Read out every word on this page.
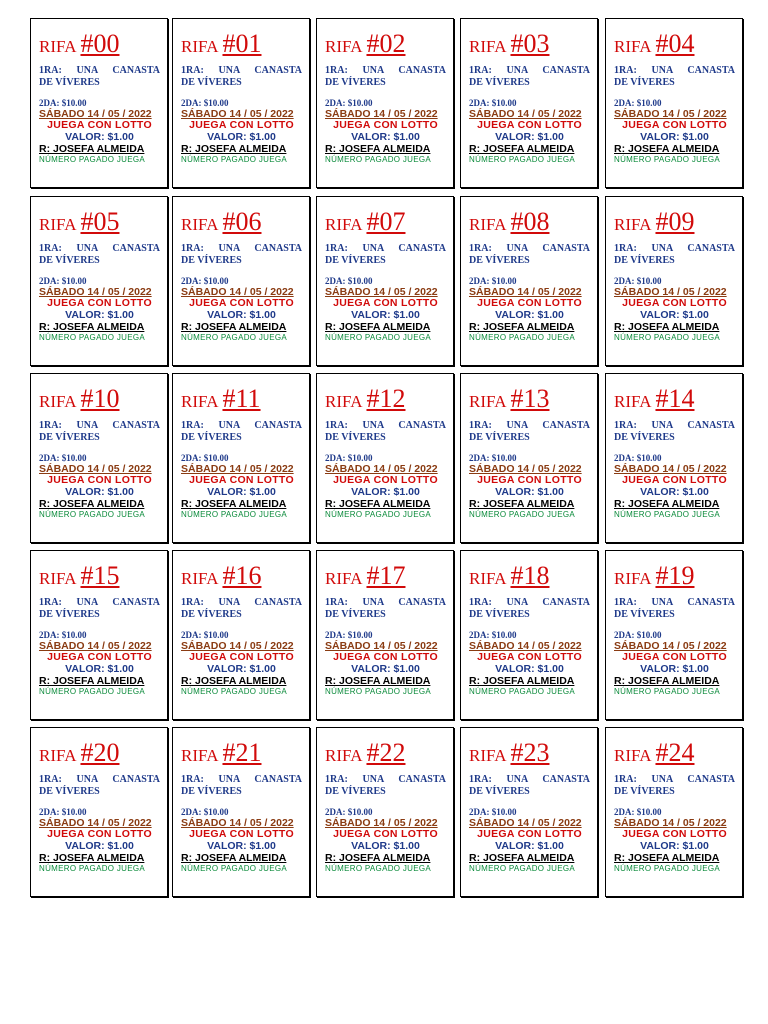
RIFA #00
1RA: UNA CANASTA
DE VÍVERES
2DA: $10.00
SÁBADO 14 / 05 / 2022
JUEGA CON LOTTO
VALOR: $1.00
R: JOSEFA ALMEIDA
NÚMERO PAGADO JUEGA
RIFA #01
1RA: UNA CANASTA
DE VÍVERES
2DA: $10.00
SÁBADO 14 / 05 / 2022
JUEGA CON LOTTO
VALOR: $1.00
R: JOSEFA ALMEIDA
NÚMERO PAGADO JUEGA
RIFA #02
1RA: UNA CANASTA
DE VÍVERES
2DA: $10.00
SÁBADO 14 / 05 / 2022
JUEGA CON LOTTO
VALOR: $1.00
R: JOSEFA ALMEIDA
NÚMERO PAGADO JUEGA
RIFA #03
1RA: UNA CANASTA
DE VÍVERES
2DA: $10.00
SÁBADO 14 / 05 / 2022
JUEGA CON LOTTO
VALOR: $1.00
R: JOSEFA ALMEIDA
NÚMERO PAGADO JUEGA
RIFA #04
1RA: UNA CANASTA
DE VÍVERES
2DA: $10.00
SÁBADO 14 / 05 / 2022
JUEGA CON LOTTO
VALOR: $1.00
R: JOSEFA ALMEIDA
NÚMERO PAGADO JUEGA
RIFA #05
1RA: UNA CANASTA
DE VÍVERES
2DA: $10.00
SÁBADO 14 / 05 / 2022
JUEGA CON LOTTO
VALOR: $1.00
R: JOSEFA ALMEIDA
NÚMERO PAGADO JUEGA
RIFA #06
1RA: UNA CANASTA
DE VÍVERES
2DA: $10.00
SÁBADO 14 / 05 / 2022
JUEGA CON LOTTO
VALOR: $1.00
R: JOSEFA ALMEIDA
NÚMERO PAGADO JUEGA
RIFA #07
1RA: UNA CANASTA
DE VÍVERES
2DA: $10.00
SÁBADO 14 / 05 / 2022
JUEGA CON LOTTO
VALOR: $1.00
R: JOSEFA ALMEIDA
NÚMERO PAGADO JUEGA
RIFA #08
1RA: UNA CANASTA
DE VÍVERES
2DA: $10.00
SÁBADO 14 / 05 / 2022
JUEGA CON LOTTO
VALOR: $1.00
R: JOSEFA ALMEIDA
NÚMERO PAGADO JUEGA
RIFA #09
1RA: UNA CANASTA
DE VÍVERES
2DA: $10.00
SÁBADO 14 / 05 / 2022
JUEGA CON LOTTO
VALOR: $1.00
R: JOSEFA ALMEIDA
NÚMERO PAGADO JUEGA
RIFA #10
1RA: UNA CANASTA
DE VÍVERES
2DA: $10.00
SÁBADO 14 / 05 / 2022
JUEGA CON LOTTO
VALOR: $1.00
R: JOSEFA ALMEIDA
NÚMERO PAGADO JUEGA
RIFA #11
1RA: UNA CANASTA
DE VÍVERES
2DA: $10.00
SÁBADO 14 / 05 / 2022
JUEGA CON LOTTO
VALOR: $1.00
R: JOSEFA ALMEIDA
NÚMERO PAGADO JUEGA
RIFA #12
1RA: UNA CANASTA
DE VÍVERES
2DA: $10.00
SÁBADO 14 / 05 / 2022
JUEGA CON LOTTO
VALOR: $1.00
R: JOSEFA ALMEIDA
NÚMERO PAGADO JUEGA
RIFA #13
1RA: UNA CANASTA
DE VÍVERES
2DA: $10.00
SÁBADO 14 / 05 / 2022
JUEGA CON LOTTO
VALOR: $1.00
R: JOSEFA ALMEIDA
NÚMERO PAGADO JUEGA
RIFA #14
1RA: UNA CANASTA
DE VÍVERES
2DA: $10.00
SÁBADO 14 / 05 / 2022
JUEGA CON LOTTO
VALOR: $1.00
R: JOSEFA ALMEIDA
NÚMERO PAGADO JUEGA
RIFA #15
1RA: UNA CANASTA
DE VÍVERES
2DA: $10.00
SÁBADO 14 / 05 / 2022
JUEGA CON LOTTO
VALOR: $1.00
R: JOSEFA ALMEIDA
NÚMERO PAGADO JUEGA
RIFA #16
1RA: UNA CANASTA
DE VÍVERES
2DA: $10.00
SÁBADO 14 / 05 / 2022
JUEGA CON LOTTO
VALOR: $1.00
R: JOSEFA ALMEIDA
NÚMERO PAGADO JUEGA
RIFA #17
1RA: UNA CANASTA
DE VÍVERES
2DA: $10.00
SÁBADO 14 / 05 / 2022
JUEGA CON LOTTO
VALOR: $1.00
R: JOSEFA ALMEIDA
NÚMERO PAGADO JUEGA
RIFA #18
1RA: UNA CANASTA
DE VÍVERES
2DA: $10.00
SÁBADO 14 / 05 / 2022
JUEGA CON LOTTO
VALOR: $1.00
R: JOSEFA ALMEIDA
NÚMERO PAGADO JUEGA
RIFA #19
1RA: UNA CANASTA
DE VÍVERES
2DA: $10.00
SÁBADO 14 / 05 / 2022
JUEGA CON LOTTO
VALOR: $1.00
R: JOSEFA ALMEIDA
NÚMERO PAGADO JUEGA
RIFA #20
1RA: UNA CANASTA
DE VÍVERES
2DA: $10.00
SÁBADO 14 / 05 / 2022
JUEGA CON LOTTO
VALOR: $1.00
R: JOSEFA ALMEIDA
NÚMERO PAGADO JUEGA
RIFA #21
1RA: UNA CANASTA
DE VÍVERES
2DA: $10.00
SÁBADO 14 / 05 / 2022
JUEGA CON LOTTO
VALOR: $1.00
R: JOSEFA ALMEIDA
NÚMERO PAGADO JUEGA
RIFA #22
1RA: UNA CANASTA
DE VÍVERES
2DA: $10.00
SÁBADO 14 / 05 / 2022
JUEGA CON LOTTO
VALOR: $1.00
R: JOSEFA ALMEIDA
NÚMERO PAGADO JUEGA
RIFA #23
1RA: UNA CANASTA
DE VÍVERES
2DA: $10.00
SÁBADO 14 / 05 / 2022
JUEGA CON LOTTO
VALOR: $1.00
R: JOSEFA ALMEIDA
NÚMERO PAGADO JUEGA
RIFA #24
1RA: UNA CANASTA
DE VÍVERES
2DA: $10.00
SÁBADO 14 / 05 / 2022
JUEGA CON LOTTO
VALOR: $1.00
R: JOSEFA ALMEIDA
NÚMERO PAGADO JUEGA
